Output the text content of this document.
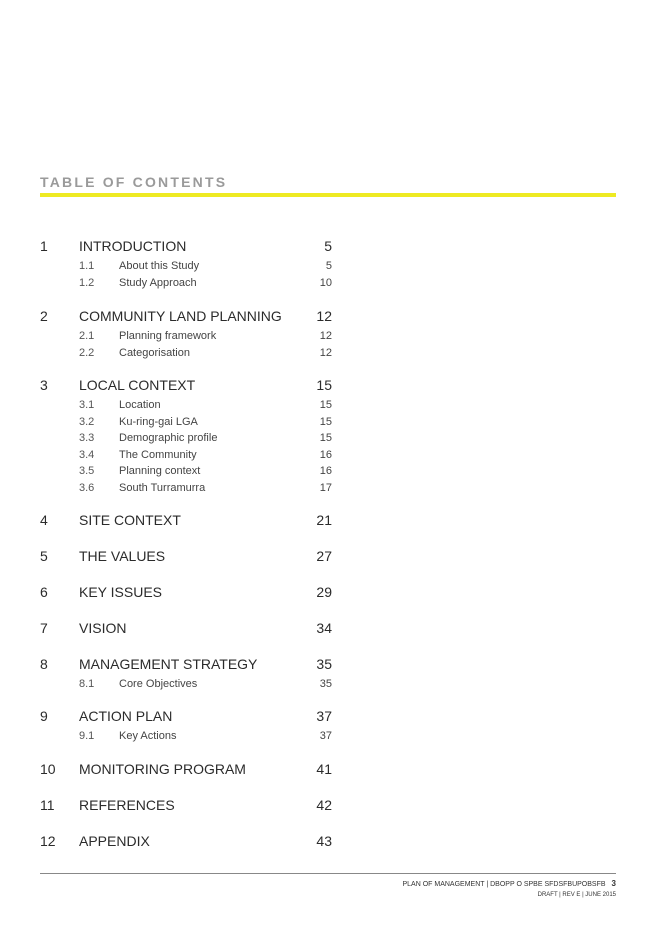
TABLE OF CONTENTS
1 INTRODUCTION	5
1.1 About this Study	5
1.2 Study Approach	10
2 COMMUNITY LAND PLANNING 12
2.1 Planning framework	12
2.2 Categorisation	12
3 LOCAL CONTEXT	15
3.1 Location	15
3.2 Ku-ring-gai LGA	15
3.3 Demographic profile	15
3.4 The Community	16
3.5 Planning context	16
3.6 South Turramurra	17
4 SITE CONTEXT	21
5 THE VALUES	27
6 KEY ISSUES	29
7 VISION	34
8 MANAGEMENT STRATEGY	35
8.1 Core Objectives	35
9 ACTION PLAN	37
9.1 Key Actions	37
10 MONITORING PROGRAM	41
11 REFERENCES	42
12 APPENDIX	43
PLAN OF MANAGEMENT | DBOPP O SPBE SFDSFBUPOBSFB 3
DRAFT | REV E | JUNE 2015
